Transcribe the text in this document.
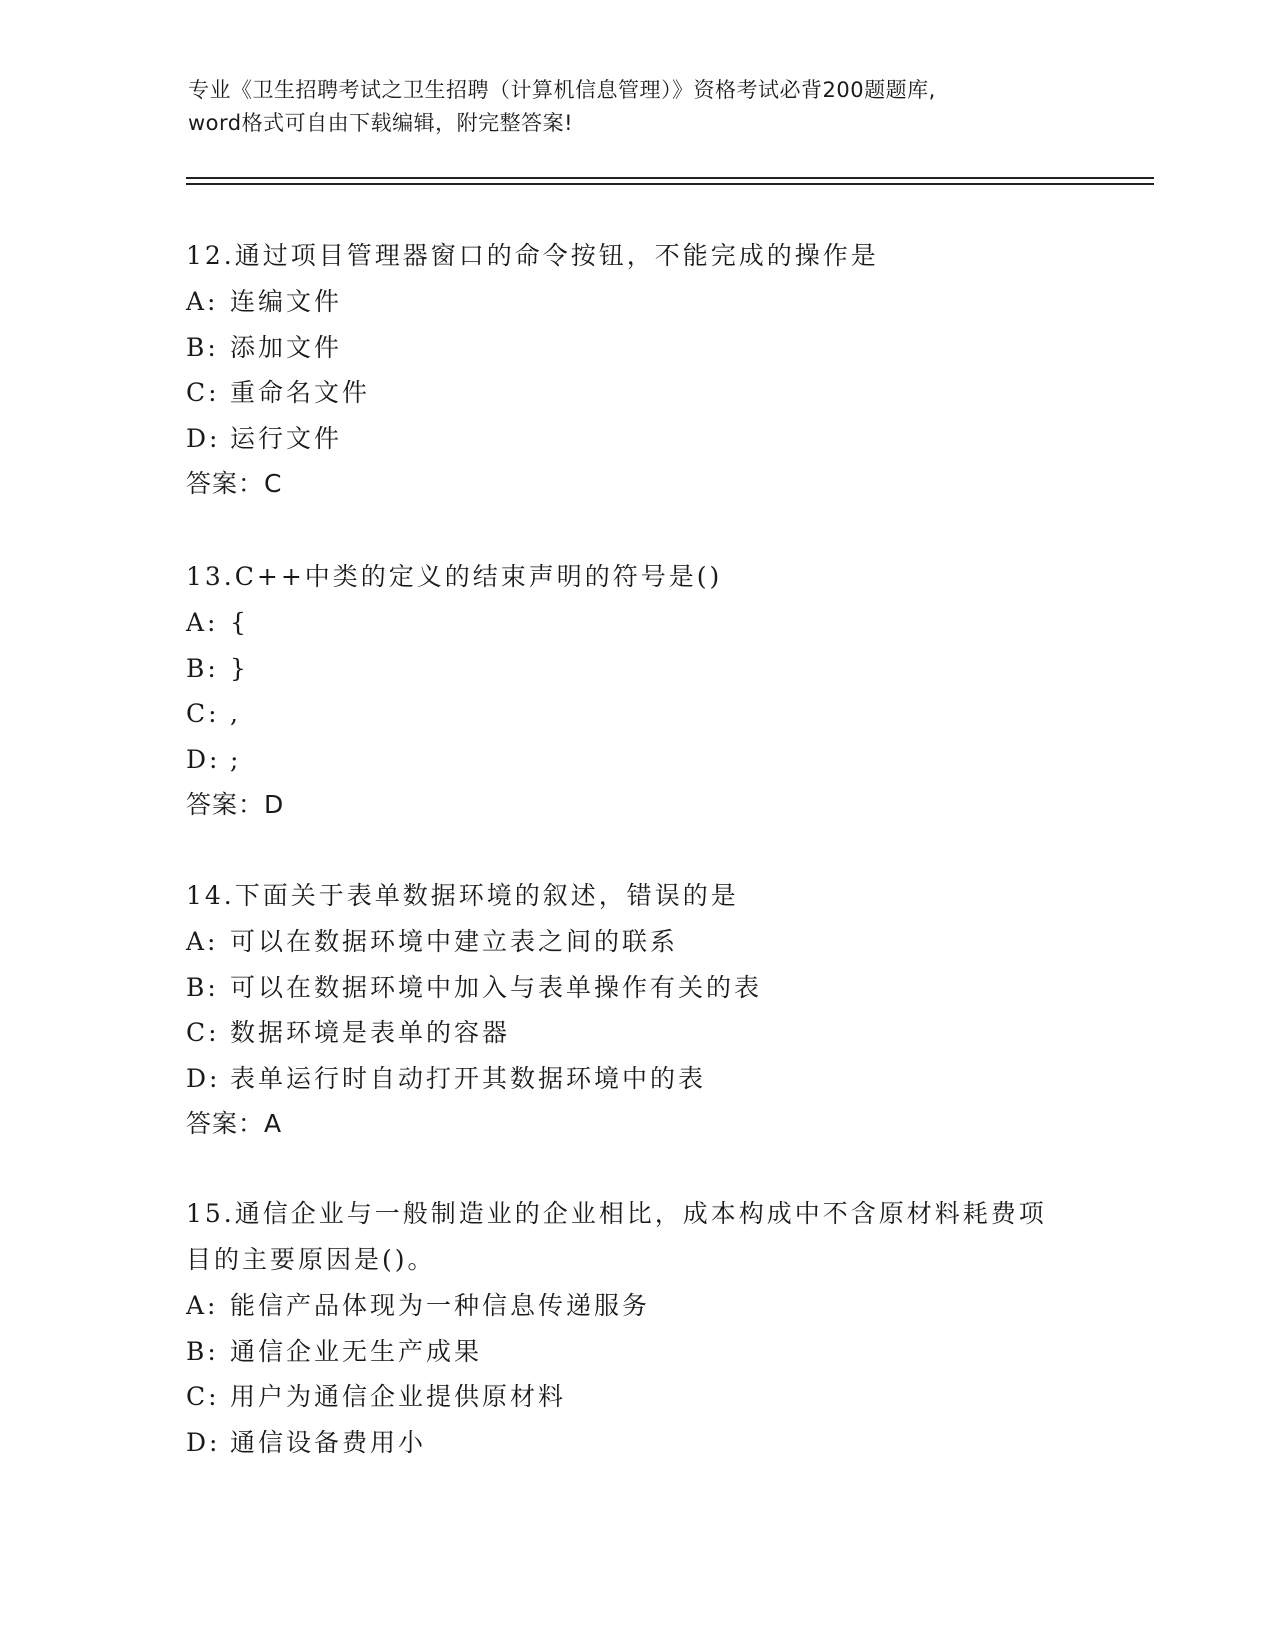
专业《卫生招聘考试之卫生招聘（计算机信息管理）》资格考试必背200题题库,
word格式可自由下载编辑，附完整答案!
12.通过项目管理器窗口的命令按钮，不能完成的操作是
A: 连编文件
B: 添加文件
C: 重命名文件
D: 运行文件
答案：C
13.C++中类的定义的结束声明的符号是()
A: {
B: }
C: ,
D: ;
答案：D
14.下面关于表单数据环境的叙述，错误的是
A: 可以在数据环境中建立表之间的联系
B: 可以在数据环境中加入与表单操作有关的表
C: 数据环境是表单的容器
D: 表单运行时自动打开其数据环境中的表
答案：A
15.通信企业与一般制造业的企业相比，成本构成中不含原材料耗费项
目的主要原因是()。
A: 能信产品体现为一种信息传递服务
B: 通信企业无生产成果
C: 用户为通信企业提供原材料
D: 通信设备费用小
